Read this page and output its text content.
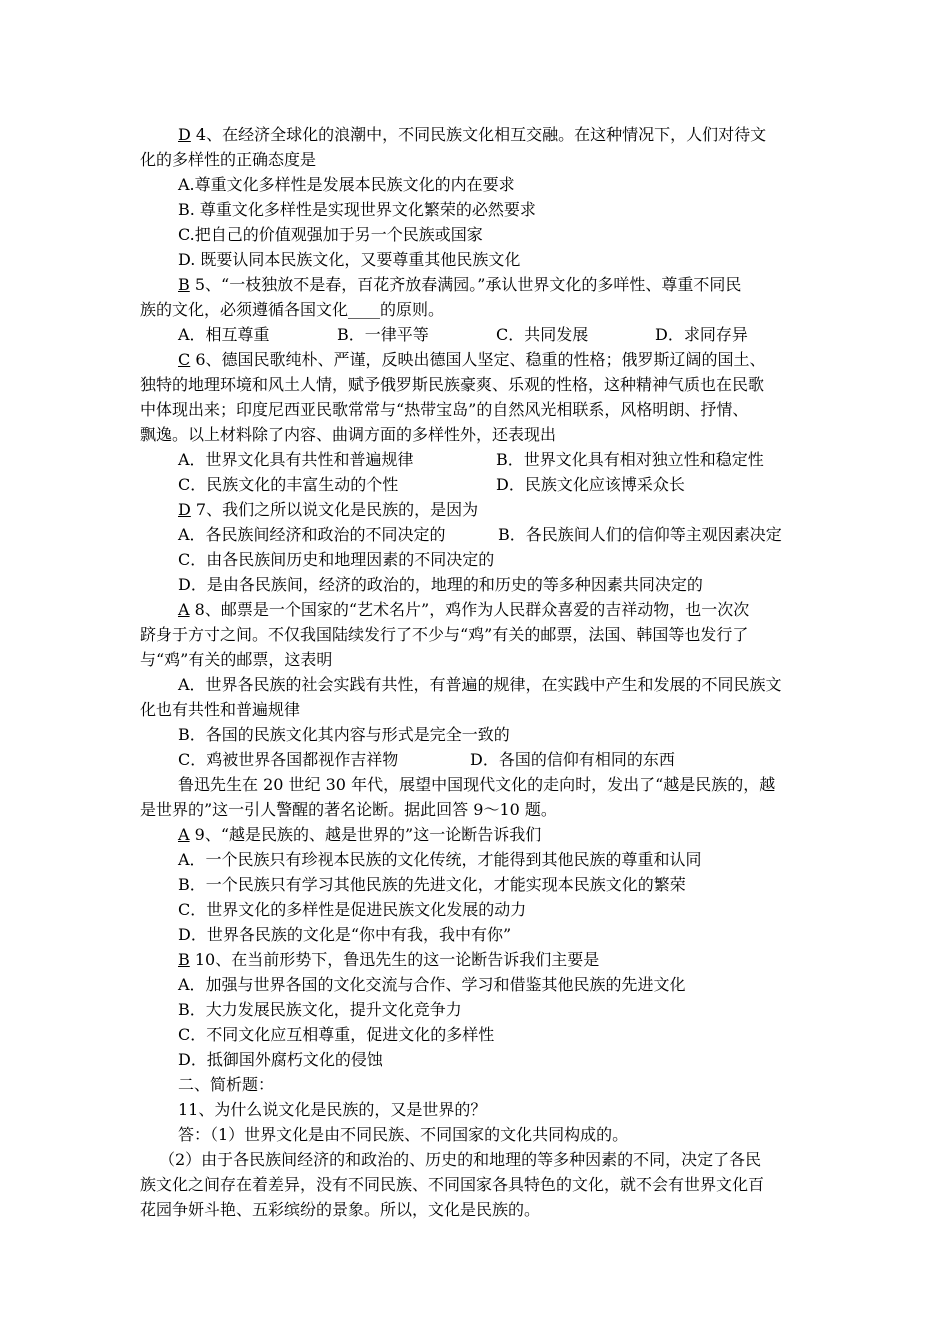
D 4、在经济全球化的浪潮中，不同民族文化相互交融。在这种情况下，人们对待文
化的多样性的正确态度是
A.尊重文化多样性是发展本民族文化的内在要求
B. 尊重文化多样性是实现世界文化繁荣的必然要求
C.把自己的价值观强加于另一个民族或国家
D. 既要认同本民族文化，又要尊重其他民族文化
B 5、“一枝独放不是春，百花齐放春满园。”承认世界文化的多咩性、尊重不同民
族的文化，必须遵循各国文化____的原则。
A．相互尊重	B．一律平等	C．共同发展	D．求同存异
C 6、德国民歌纯朴、严谨，反映出德国人坚定、稳重的性格；俄罗斯辽阔的国土、
独特的地理环境和风土人情，赋予俄罗斯民族豪爽、乐观的性格，这种精神气质也在民歌
中体现出来；印度尼西亚民歌常常与“热带宝岛”的自然风光相联系，风格明朗、抒情、
飘逸。以上材料除了内容、曲调方面的多样性外，还表现出
A．世界文化具有共性和普遍规律	B．世界文化具有相对独立性和稳定性
C．民族文化的丰富生动的个性	D．民族文化应该博采众长
D 7、我们之所以说文化是民族的，是因为
A．各民族间经济和政治的不同决定的	B．各民族间人们的信仰等主观因素决定
C．由各民族间历史和地理因素的不同决定的
D．是由各民族间，经济的政治的，地理的和历史的等多种因素共同决定的
A 8、邮票是一个国家的“艺术名片”，鸡作为人民群众喜爱的吉祥动物，也一次次
跻身于方寸之间。不仅我国陆续发行了不少与“鸡”有关的邮票，法国、韩国等也发行了
与“鸡”有关的邮票，这表明
A．世界各民族的社会实践有共性，有普遍的规律，在实践中产生和发展的不同民族文
化也有共性和普遍规律
B．各国的民族文化其内容与形式是完全一致的
C．鸡被世界各国都视作吉祥物	D．各国的信仰有相同的东西
鲁迅先生在 20 世纪 30 年代，展望中国现代文化的走向时，发出了“越是民族的，越
是世界的”这一引人警醒的著名论断。据此回答 9～10 题。
A 9、“越是民族的、越是世界的”这一论断告诉我们
A．一个民族只有珍视本民族的文化传统，才能得到其他民族的尊重和认同
B．一个民族只有学习其他民族的先进文化，才能实现本民族文化的繁荣
C．世界文化的多样性是促进民族文化发展的动力
D．世界各民族的文化是“你中有我，我中有你”
B 10、在当前形势下，鲁迅先生的这一论断告诉我们主要是
A．加强与世界各国的文化交流与合作、学习和借鉴其他民族的先进文化
B．大力发展民族文化，提升文化竞争力
C．不同文化应互相尊重，促进文化的多样性
D．抵御国外腐朽文化的侵蚀
二、简析题：
11、为什么说文化是民族的，又是世界的？
答：（1）世界文化是由不同民族、不同国家的文化共同构成的。
（2）由于各民族间经济的和政治的、历史的和地理的等多种因素的不同，决定了各民
族文化之间存在着差异，没有不同民族、不同国家各具特色的文化，就不会有世界文化百
花园争妍斗艳、五彩缤纷的景象。所以，文化是民族的。
